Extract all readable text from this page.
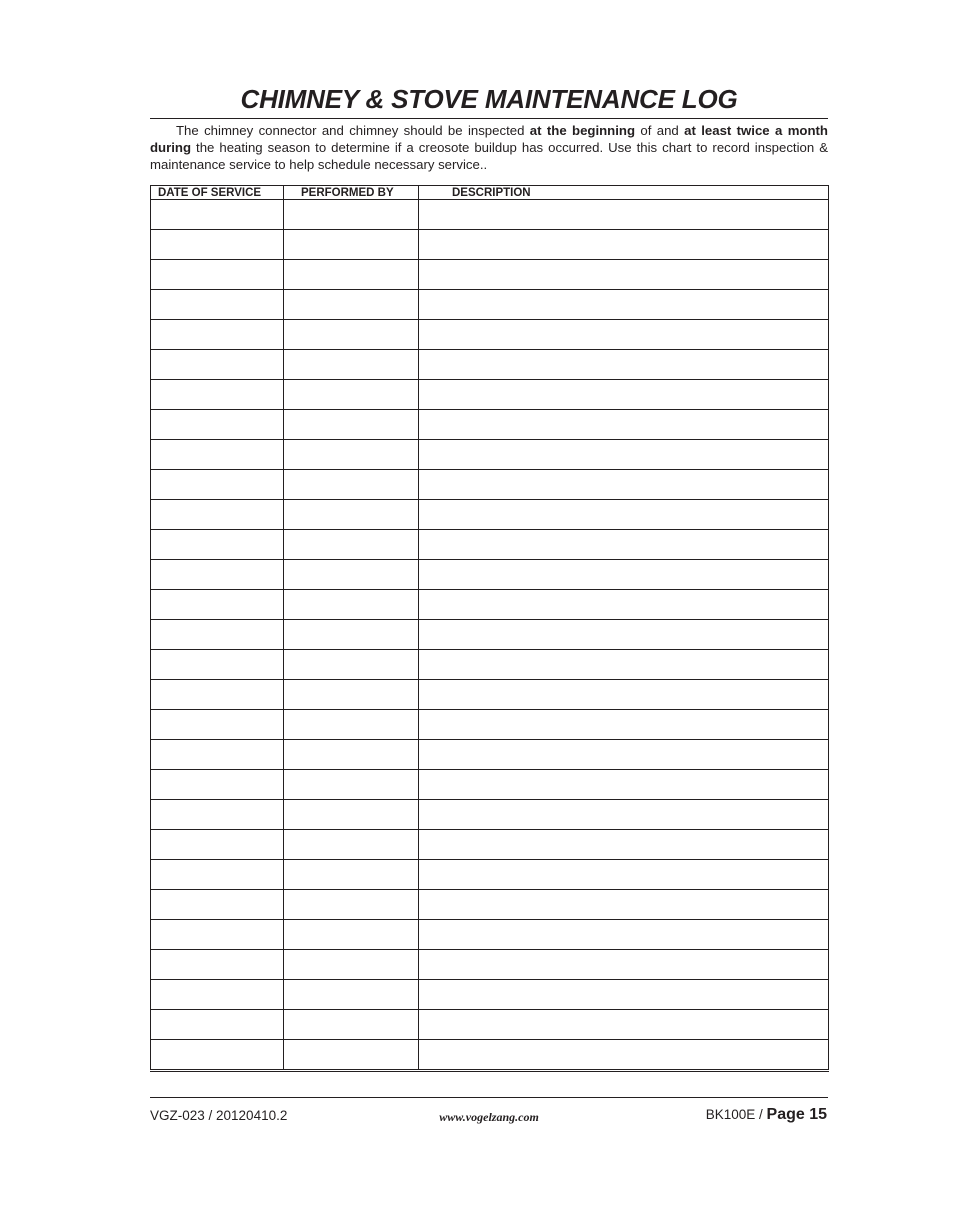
CHIMNEY & STOVE MAINTENANCE LOG
The chimney connector and chimney should be inspected at the beginning of and at least twice a month during the heating season to determine if a creosote buildup has occurred. Use this chart to record inspection & maintenance service to help schedule necessary service..
DATE OF SERVICE	PERFORMED BY	DESCRIPTION

VGZ-023 / 20120410.2	www.vogelzang.com	BK100E / Page 15
